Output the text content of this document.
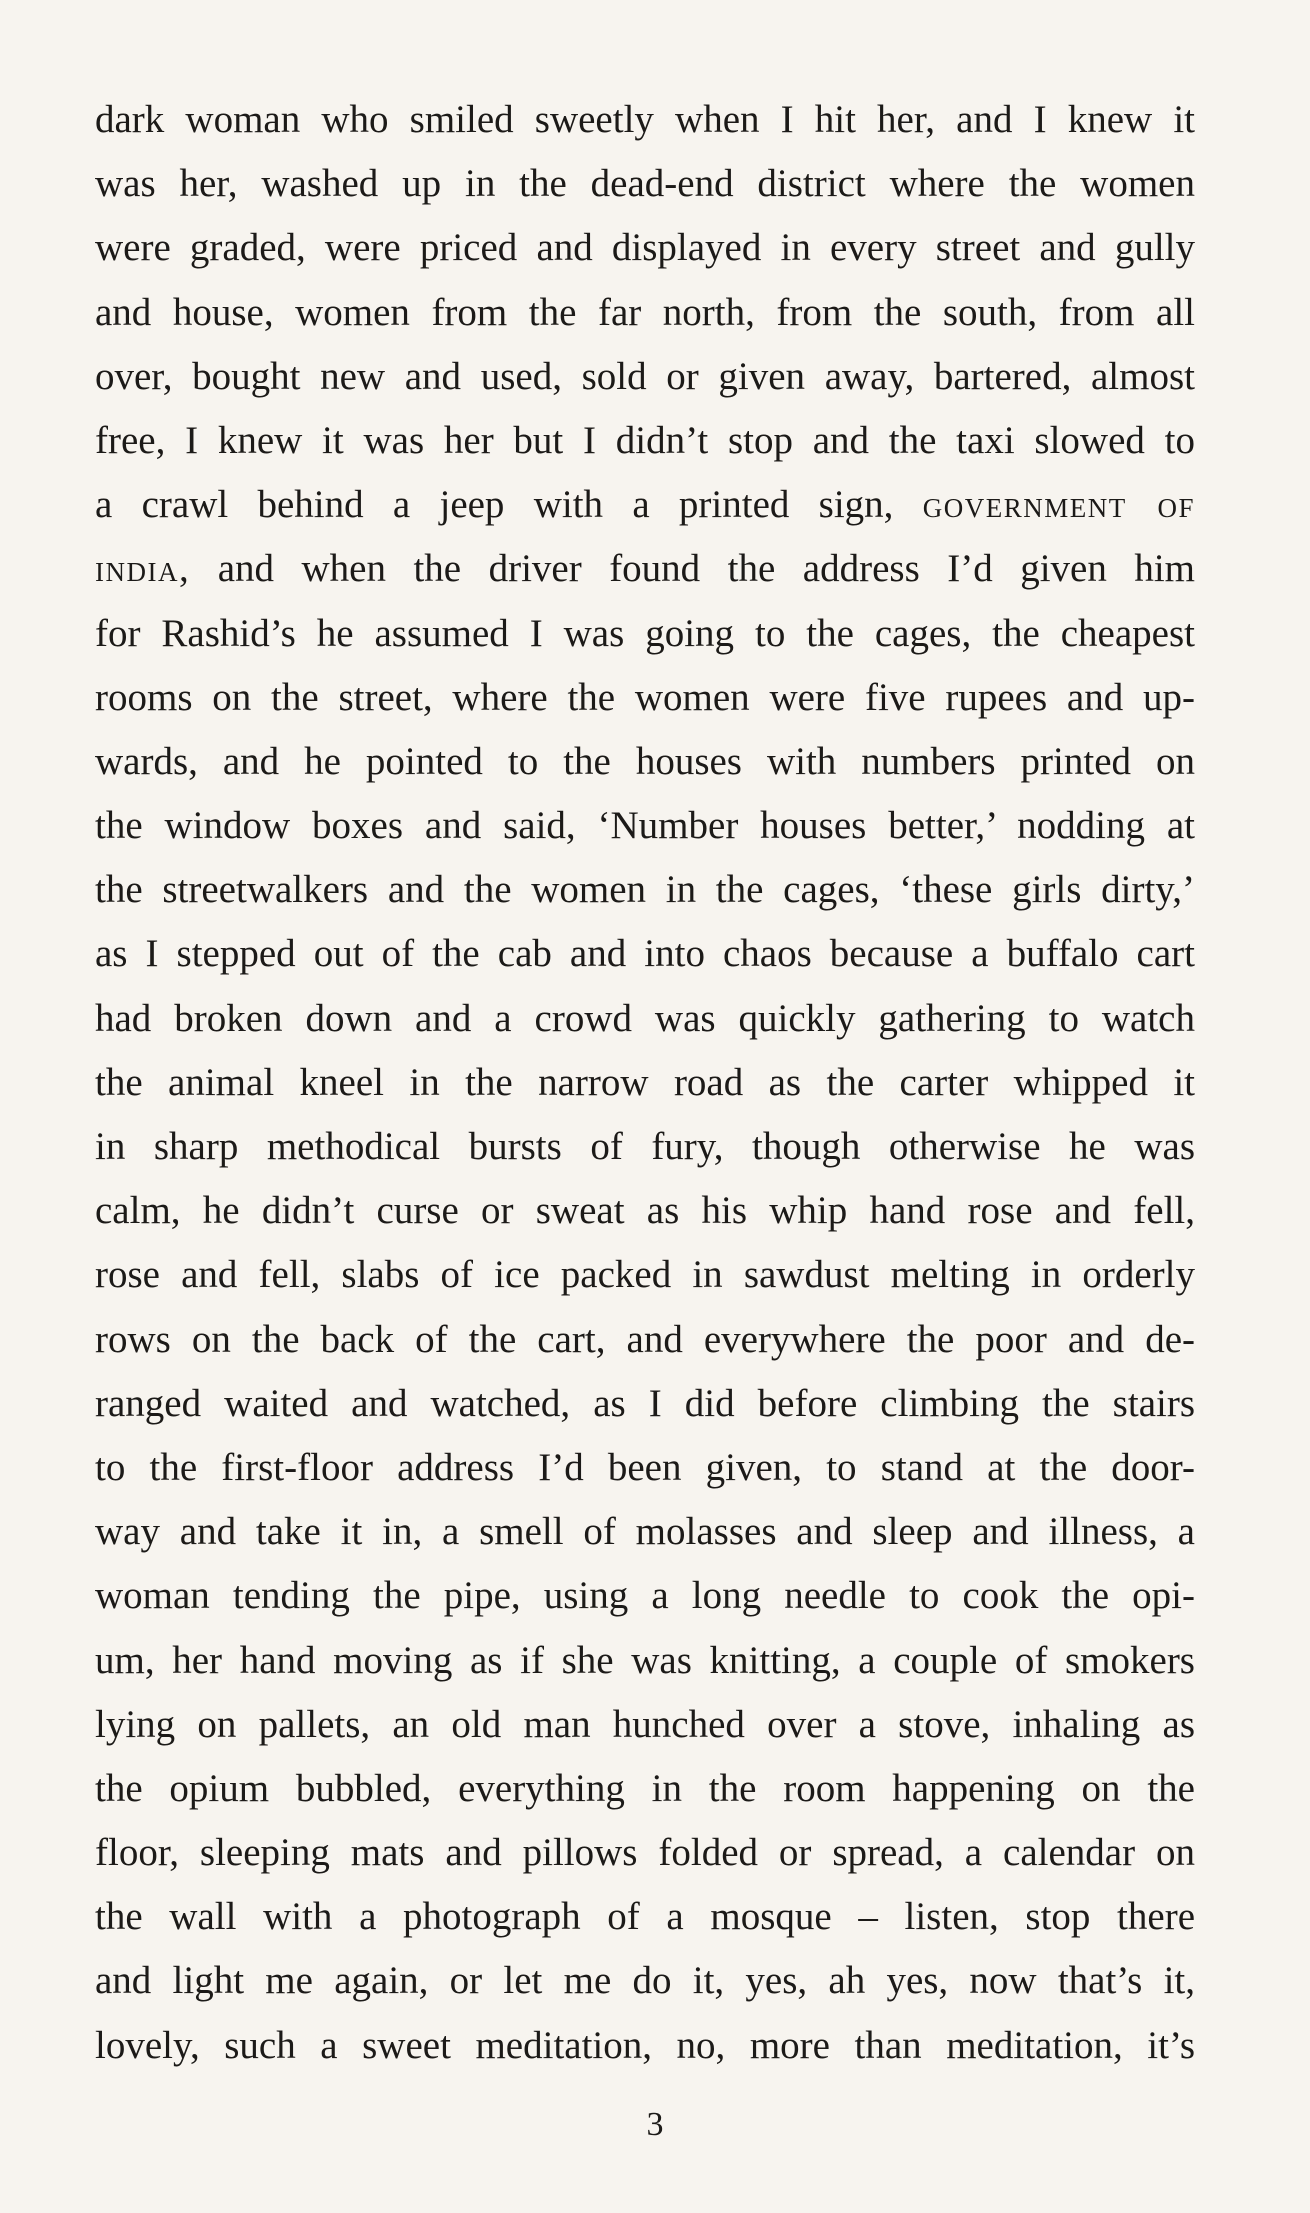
dark woman who smiled sweetly when I hit her, and I knew it
was her, washed up in the dead-end district where the women
were graded, were priced and displayed in every street and gully
and house, women from the far north, from the south, from all
over, bought new and used, sold or given away, bartered, almost
free, I knew it was her but I didn’t stop and the taxi slowed to
a crawl behind a jeep with a printed sign, government of
india, and when the driver found the address I’d given him
for Rashid’s he assumed I was going to the cages, the cheapest
rooms on the street, where the women were five rupees and up-
wards, and he pointed to the houses with numbers printed on
the window boxes and said, ‘Number houses better,’ nodding at
the streetwalkers and the women in the cages, ‘these girls dirty,’
as I stepped out of the cab and into chaos because a buffalo cart
had broken down and a crowd was quickly gathering to watch
the animal kneel in the narrow road as the carter whipped it
in sharp methodical bursts of fury, though otherwise he was
calm, he didn’t curse or sweat as his whip hand rose and fell,
rose and fell, slabs of ice packed in sawdust melting in orderly
rows on the back of the cart, and everywhere the poor and de-
ranged waited and watched, as I did before climbing the stairs
to the first-floor address I’d been given, to stand at the door-
way and take it in, a smell of molasses and sleep and illness, a
woman tending the pipe, using a long needle to cook the opi-
um, her hand moving as if she was knitting, a couple of smokers
lying on pallets, an old man hunched over a stove, inhaling as
the opium bubbled, everything in the room happening on the
floor, sleeping mats and pillows folded or spread, a calendar on
the wall with a photograph of a mosque – listen, stop there
and light me again, or let me do it, yes, ah yes, now that’s it,
lovely, such a sweet meditation, no, more than meditation, it’s
3
